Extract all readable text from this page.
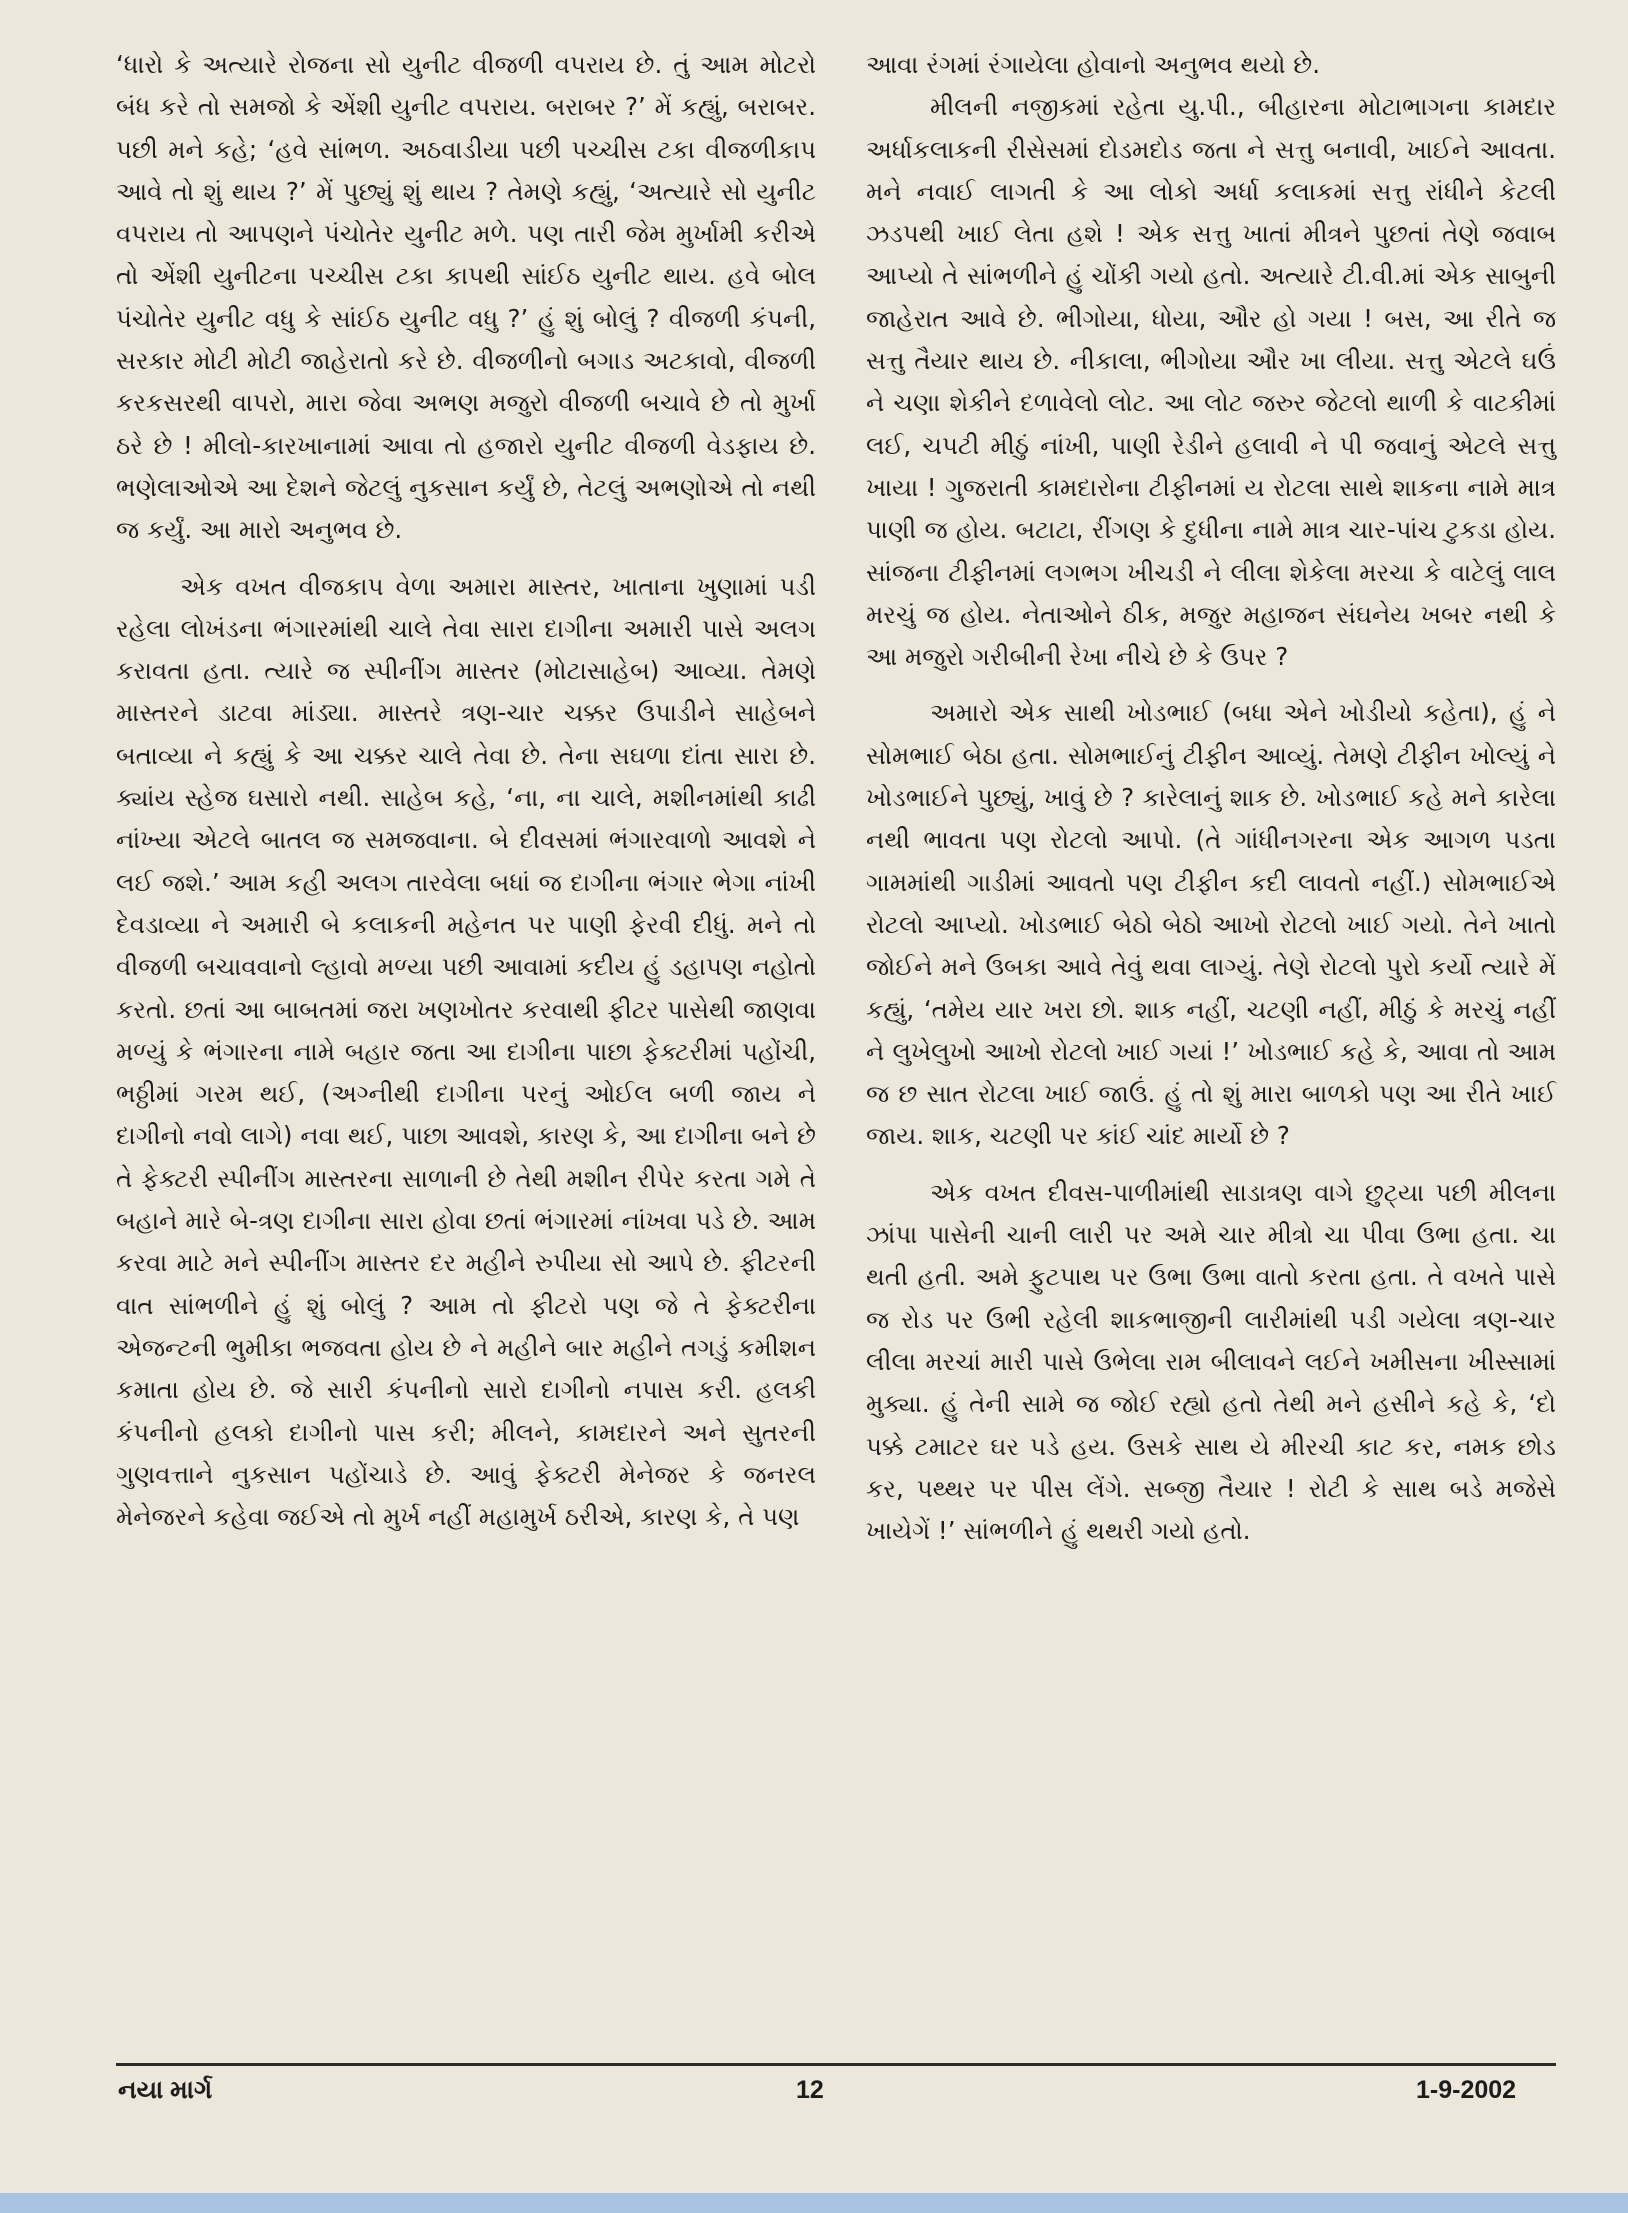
‘ધારો કે અત્યારે રોજના સો યુનીટ વીજળી વપરાય છે. તું આમ મોટરો બંધ કરે તો સમજો કે એંશી યુનીટ વપરાય. બરાબર ?’ મેં કહ્યું, બરાબર. પછી મને કહે; ‘હવે સાંભળ. અઠવાડીયા પછી પચ્ચીસ ટકા વીજળીકાપ આવે તો શું થાય ?’ મેં પુછ્યું શું થાય ? તેમણે કહ્યું, ‘અત્યારે સો યુનીટ વપરાય તો આપણને પંચોતેર યુનીટ મળે. પણ તારી જેમ મુર્ખામી કરીએ તો એંશી યુનીટના પચ્ચીસ ટકા કાપથી સાંઈઠ યુનીટ થાય. હવે બોલ પંચોતેર યુનીટ વધુ કે સાંઈઠ યુનીટ વધુ ?’ હું શું બોલું ? વીજળી કંપની, સરકાર મોટી મોટી જાહેરાતો કરે છે. વીજળીનો બગાડ અટકાવો, વીજળી કરકસરથી વાપરો, મારા જેવા અભણ મજુરો વીજળી બચાવે છે તો મુર્ખા ઠરે છે ! મીલો-કારખાનામાં આવા તો હજારો યુનીટ વીજળી વેડફાય છે. ભણેલાઓએ આ દેશને જેટલું નુકસાન કર્યું છે, તેટલું અભણોએ તો નથી જ કર્યું. આ મારો અનુભવ છે.

એક વખત વીજકાપ વેળા અમારા માસ્તર, ખાતાના ખુણામાં પડી રહેલા લોખંડના ભંગારમાંથી ચાલે તેવા સારા દાગીના અમારી પાસે અલગ કરાવતા હતા. ત્યારે જ સ્પીનીંગ માસ્તર (મોટાસાહેબ) આવ્યા. તેમણે માસ્તરને ડાટવા માંડ્યા. માસ્તરે ત્રણ-ચાર ચક્કર ઉપાડીને સાહેબને બતાવ્યા ને કહ્યું કે આ ચક્કર ચાલે તેવા છે. તેના સઘળા દાંતા સારા છે. ક્યાંય સ્હેજ ઘસારો નથી. સાહેબ કહે, ‘ના, ના ચાલે, મશીનમાંથી કાઢી નાંખ્યા એટલે બાતલ જ સમજવાના. બે દીવસમાં ભંગારવાળો આવશે ને લઈ જશે.’ આમ કહી અલગ તારવેલા બધાં જ દાગીના ભંગાર ભેગા નાંખી દેવડાવ્યા ને અમારી બે કલાકની મહેનત પર પાણી ફેરવી દીધું. મને તો વીજળી બચાવવાનો લ્હાવો મળ્યા પછી આવામાં કદીય હું ડહાપણ નહોતો કરતો. છતાં આ બાબતમાં જરા ખણખોતર કરવાથી ફીટર પાસેથી જાણવા મળ્યું કે ભંગારના નામે બહાર જતા આ દાગીના પાછા ફેક્ટરીમાં પહોંચી, ભઠ્ઠીમાં ગરમ થઈ, (અગ્નીથી દાગીના પરનું ઓઈલ બળી જાય ને દાગીનો નવો લાગે) નવા થઈ, પાછા આવશે, કારણ કે, આ દાગીના બને છે તે ફેક્ટરી સ્પીનીંગ માસ્તરના સાળાની છે તેથી મશીન રીપેર કરતા ગમે તે બહાને મારે બે-ત્રણ દાગીના સારા હોવા છતાં ભંગારમાં નાંખવા પડે છે. આમ કરવા માટે મને સ્પીનીંગ માસ્તર દર મહીને રુપીયા સો આપે છે. ફીટરની વાત સાંભળીને હું શું બોલું ? આમ તો ફીટરો પણ જે તે ફેક્ટરીના એજન્ટની ભુમીકા ભજવતા હોય છે ને મહીને બાર મહીને તગડું કમીશન કમાતા હોય છે. જે સારી કંપનીનો સારો દાગીનો નપાસ કરી. હલકી કંપનીનો હલકો દાગીનો પાસ કરી; મીલને, કામદારને અને સુતરની ગુણવત્તાને નુકસાન પહોંચાડે છે. આવું ફેક્ટરી મેનેજર કે જનરલ મેનેજરને કહેવા જઈએ તો મુર્ખ નહીં મહામુર્ખ ઠરીએ, કારણ કે, તે પણ

આવા રંગમાં રંગાયેલા હોવાનો અનુભવ થયો છે.

મીલની નજીકમાં રહેતા યુ.પી., બીહારના મોટાભાગના કામદાર અર્ધાકલાકની રીસેસમાં દોડમદોડ જતા ને સત્તુ બનાવી, ખાઈને આવતા. મને નવાઈ લાગતી કે આ લોકો અર્ધા કલાકમાં સત્તુ રાંધીને કેટલી ઝડપથી ખાઈ લેતા હશે ! એક સત્તુ ખાતાં મીત્રને પુછતાં તેણે જવાબ આપ્યો તે સાંભળીને હું ચોંકી ગયો હતો. અત્યારે ટી.વી.માં એક સાબુની જાહેરાત આવે છે. ભીગોયા, ધોયા, ઔર હો ગયા ! બસ, આ રીતે જ સત્તુ તૈયાર થાય છે. નીકાલા, ભીગોયા ઔર ખા લીયા. સત્તુ એટલે ઘઉં ને ચણા શેકીને દળાવેલો લોટ. આ લોટ જરુર જેટલો થાળી કે વાટકીમાં લઈ, ચપટી મીઠું નાંખી, પાણી રેડીને હલાવી ને પી જવાનું એટલે સત્તુ ખાયા ! ગુજરાતી કામદારોના ટીફીનમાં ય રોટલા સાથે શાકના નામે માત્ર પાણી જ હોય. બટાટા, રીંગણ કે દુધીના નામે માત્ર ચાર-પાંચ ટુકડા હોય. સાંજના ટીફીનમાં લગભગ ખીચડી ને લીલા શેકેલા મરચા કે વાટેલું લાલ મરચું જ હોય. નેતાઓને ઠીક, મજુર મહાજન સંઘનેય ખબર નથી કે આ મજુરો ગરીબીની રેખા નીચે છે કે ઉપર ?

અમારો એક સાથી ખોડભાઈ (બધા એને ખોડીયો કહેતા), હું ને સોમભાઈ બેઠા હતા. સોમભાઈનું ટીફીન આવ્યું. તેમણે ટીફીન ખોલ્યું ને ખોડભાઈને પુછ્યું, ખાવું છે ? કારેલાનું શાક છે. ખોડભાઈ કહે મને કારેલા નથી ભાવતા પણ રોટલો આપો. (તે ગાંધીનગરના એક આગળ પડતા ગામમાંથી ગાડીમાં આવતો પણ ટીફીન કદી લાવતો નહીં.) સોમભાઈએ રોટલો આપ્યો. ખોડભાઈ બેઠો બેઠો આખો રોટલો ખાઈ ગયો. તેને ખાતો જોઈને મને ઉબકા આવે તેવું થવા લાગ્યું. તેણે રોટલો પુરો કર્યો ત્યારે મેં કહ્યું, ‘તમેય યાર ખરા છો. શાક નહીં, ચટણી નહીં, મીઠું કે મરચું નહીં ને લુખેલુખો આખો રોટલો ખાઈ ગયાં !’ ખોડભાઈ કહે કે, આવા તો આમ જ છ સાત રોટલા ખાઈ જાઉં. હું તો શું મારા બાળકો પણ આ રીતે ખાઈ જાય. શાક, ચટણી પર કાંઈ ચાંદ માર્યો છે ?

એક વખત દીવસ-પાળીમાંથી સાડાત્રણ વાગે છુટ્યા પછી મીલના ઝાંપા પાસેની ચાની લારી પર અમે ચાર મીત્રો ચા પીવા ઉભા હતા. ચા થતી હતી. અમે ફુટપાથ પર ઉભા ઉભા વાતો કરતા હતા. તે વખતે પાસે જ રોડ પર ઉભી રહેલી શાકભાજીની લારીમાંથી પડી ગયેલા ત્રણ-ચાર લીલા મરચાં મારી પાસે ઉભેલા રામ બીલાવને લઈને ખમીસના ખીસ્સામાં મુક્યા. હું તેની સામે જ જોઈ રહ્યો હતો તેથી મને હસીને કહે કે, ‘દો પક્કે ટમાટર ઘર પડે હય. ઉસકે સાથ યે મીરચી કાટ કર, નમક છોડ કર, પથ્થર પર પીસ લેંગે. સબ્જી તૈયાર ! રોટી કે સાથ બડે મજેસે ખાયેગેં !’ સાંભળીને હું થથરી ગયો હતો.

નયા માર્ગ	12	1-9-2002
